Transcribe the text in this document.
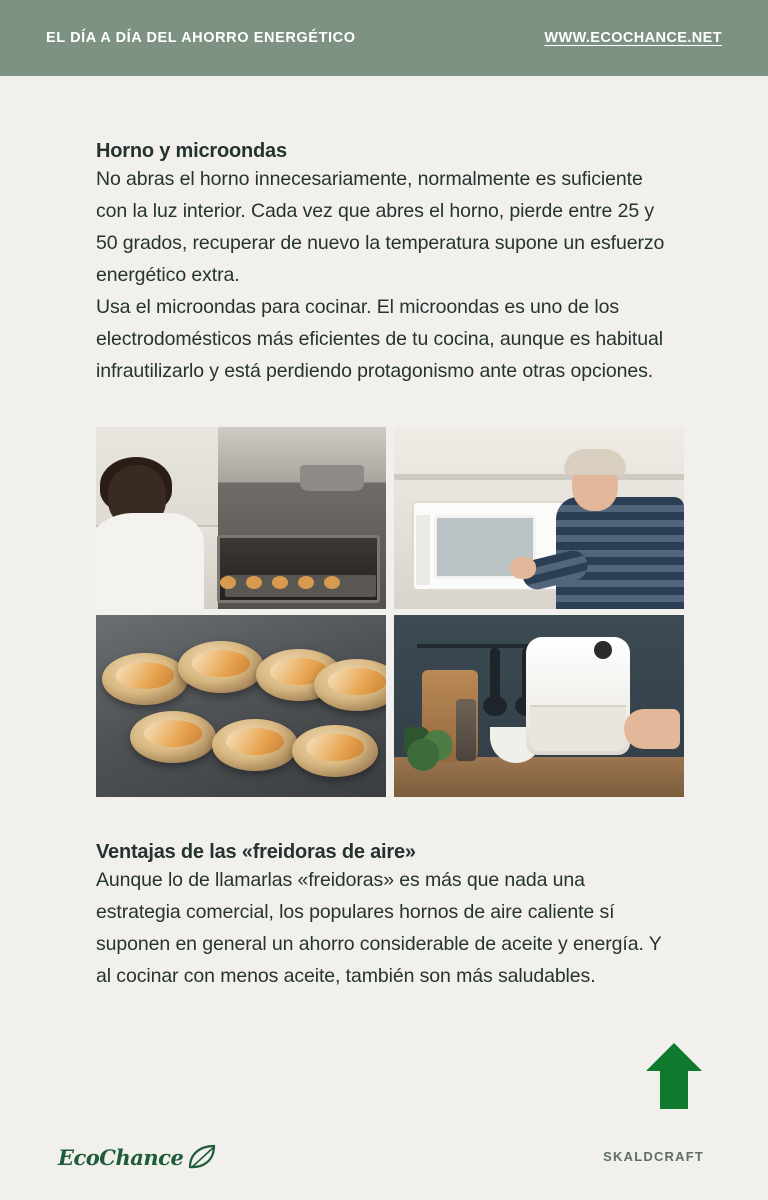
EL DÍA A DÍA DEL AHORRO ENERGÉTICO	WWW.ECOCHANCE.NET
Horno y microondas

No abras el horno innecesariamente, normalmente es suficiente con la luz interior. Cada vez que abres el horno, pierde entre 25 y 50 grados, recuperar de nuevo la temperatura supone un esfuerzo energético extra.

Usa el microondas para cocinar. El microondas es uno de los electrodomésticos más eficientes de tu cocina, aunque es habitual infrautilizarlo y está perdiendo protagonismo ante otras opciones.

Ventajas de las «freidoras de aire»

Aunque lo de llamarlas «freidoras» es más que nada una estrategia comercial, los populares hornos de aire caliente sí suponen en general un ahorro considerable de aceite y energía. Y al cocinar con menos aceite, también son más saludables.

EcoChance	SKALDCRAFT
